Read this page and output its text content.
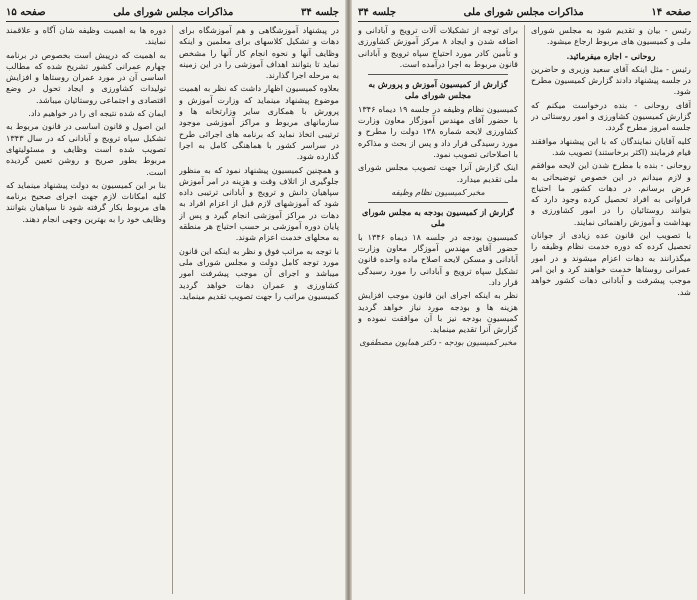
جلسه ۳۴
مذاکرات مجلس شورای ملی
صفحه ۱۵

در پیشنهاد آموزشگاهی و هم آموزشگاه برای دهات و تشکیل کلاسهای برای معلمین و اینکه وظایف آنها و نحوه انجام کار آنها را مشخص نماید تا بتوانند اهداف آموزشی را در این زمینه به مرحله اجرا گذارند.

بعلاوه کمیسیون اظهار داشت که نظر به اهمیت موضوع پیشنهاد مینماید که وزارت آموزش و پرورش با همکاری سایر وزارتخانه ها و سازمانهای مربوط و مراکز آموزشی موجود ترتیبی اتخاذ نماید که برنامه های اجرائی طرح در سراسر کشور با هماهنگی کامل به اجرا گذارده شود.

و همچنین کمیسیون پیشنهاد نمود که به منظور جلوگیری از اتلاف وقت و هزینه در امر آموزش سپاهیان دانش و ترویج و آبادانی ترتیبی داده شود که آموزشهای لازم قبل از اعزام افراد به دهات در مراکز آموزشی انجام گیرد و پس از پایان دوره آموزشی بر حسب احتیاج هر منطقه به محلهای خدمت اعزام شوند.

با توجه به مراتب فوق و نظر به اینکه این قانون مورد توجه کامل دولت و مجلس شورای ملی میباشد و اجرای آن موجب پیشرفت امور کشاورزی و عمران دهات خواهد گردید کمیسیون مراتب را جهت تصویب تقدیم مینماید.

دوره ها به اهمیت وظیفه شان آگاه و علاقمند نمایند.

به اهمیت که درپیش است بخصوص در برنامه چهارم عمرانی کشور تشریح شده که مطالب اساسی آن در مورد عمران روستاها و افزایش تولیدات کشاورزی و ایجاد تحول در وضع اقتصادی و اجتماعی روستائیان میباشد.

ایمان که شده نتیجه ای را در خواهیم داد.

این اصول و قانون اساسی در قانون مربوط به تشکیل سپاه ترویج و آبادانی که در سال ۱۳۴۳ تصویب شده است وظایف و مسئولیتهای مربوط بطور صریح و روشن تعیین گردیده است.

بنا بر این کمیسیون به دولت پیشنهاد مینماید که کلیه امکانات لازم جهت اجرای صحیح برنامه های مربوط بکار گرفته شود تا سپاهیان بتوانند وظایف خود را به بهترین وجهی انجام دهند.

صفحه ۱۴
مذاکرات مجلس شورای ملی
جلسه ۳۴

رئیس - بیان و تقدیم شود به مجلس شورای ملی و کمیسیون های مربوط ارجاع میشود.

روحانی - اجازه میفرمائید.

رئیس - مثل اینکه آقای سعید وزیری و حاضرین در جلسه پیشنهاد دادند گزارش کمیسیون مطرح شود.

آقای روحانی - بنده درخواست میکنم که گزارش کمیسیون کشاورزی و امور روستائی در جلسه امروز مطرح گردد.

کلیه آقایان نمایندگان که با این پیشنهاد موافقند قیام فرمایند (اکثر برخاستند) تصویب شد.

روحانی - بنده با مطرح شدن این لایحه موافقم و لازم میدانم در این خصوص توضیحاتی به عرض برسانم. در دهات کشور ما احتیاج فراوانی به افراد تحصیل کرده وجود دارد که بتوانند روستائیان را در امور کشاورزی و بهداشت و آموزش راهنمائی نمایند.

با تصویب این قانون عده زیادی از جوانان تحصیل کرده که دوره خدمت نظام وظیفه را میگذرانند به دهات اعزام میشوند و در امور عمرانی روستاها خدمت خواهند کرد و این امر موجب پیشرفت و آبادانی دهات کشور خواهد شد.

برای توجه از تشکیلات آلات ترویج و آبادانی و اضافه شدن و ایجاد ۸ مرکز آموزش کشاورزی و تأمین کادر مورد احتیاج سپاه ترویج و آبادانی قانون مربوط به اجرا درآمده است.

گزارش از کمیسیون آموزش و پرورش به مجلس شورای ملی

کمیسیون نظام وظیفه در جلسه ۱۹ دیماه ۱۳۴۶ با حضور آقای مهندس آموزگار معاون وزارت کشاورزی لایحه شماره ۱۳۸ دولت را مطرح و مورد رسیدگی قرار داد و پس از بحث و مذاکره با اصلاحاتی تصویب نمود.

اینک گزارش آنرا جهت تصویب مجلس شورای ملی تقدیم میدارد.

مخبر کمیسیون نظام وظیفه

گزارش از کمیسیون بودجه به مجلس شورای ملی

کمیسیون بودجه در جلسه ۱۸ دیماه ۱۳۴۶ با حضور آقای مهندس آموزگار معاون وزارت آبادانی و مسکن لایحه اصلاح ماده واحده قانون تشکیل سپاه ترویج و آبادانی را مورد رسیدگی قرار داد.

نظر به اینکه اجرای این قانون موجب افزایش هزینه ها و بودجه مورد نیاز خواهد گردید کمیسیون بودجه نیز با آن موافقت نموده و گزارش آنرا تقدیم مینماید.

مخبر کمیسیون بودجه - دکتر همایون مصطفوی
